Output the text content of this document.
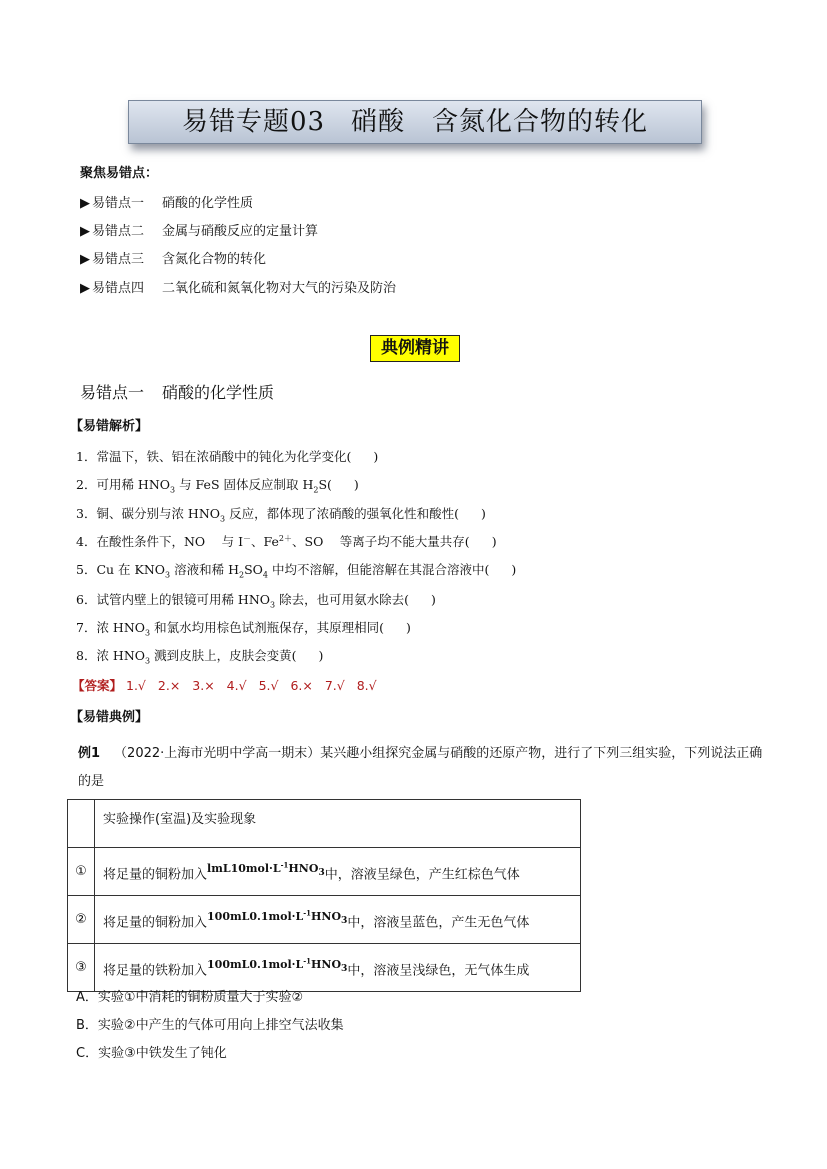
易错专题03 硝酸　含氮化合物的转化
聚焦易错点：
▶ 易错点一 硝酸的化学性质
▶ 易错点二 金属与硝酸反应的定量计算
▶ 易错点三 含氮化合物的转化
▶ 易错点四 二氧化硫和氮氧化物对大气的污染及防治
典例精讲
易错点一 硝酸的化学性质
【易错解析】
1．常温下，铁、铝在浓硝酸中的钝化为化学变化( )
2．可用稀 $HNO_3$ 与 FeS 固体反应制取 $H_2S$( )
3．铜、碳分别与浓 $HNO_3$ 反应，都体现了浓硝酸的强氧化性和酸性( )
4．在酸性条件下，NO　 与 I－、$Fe^{2+}$、SO　 等离子均不能大量共存( )
5．Cu 在 $KNO_3$ 溶液和稀 $H_2SO_4$ 中均不溶解，但能溶解在其混合溶液中( )
6．试管内壁上的银镜可用稀 $HNO_3$ 除去，也可用氨水除去( )
7．浓 $HNO_3$ 和氯水均用棕色试剂瓶保存，其原理相同( )
8．浓 $HNO_3$ 溅到皮肤上，皮肤会变黄( )
【答案】 1.√ 2.× 3.× 4.√ 5.√ 6.× 7.√ 8.√
【易错典例】
例1 （2022·上海市光明中学高一期末）某兴趣小组探究金属与硝酸的还原产物，进行了下列三组实验，下列说法正确的是
	实验操作(室温)及实验现象
①	将足量的铜粉加入$^{lmL10mol\cdot L^{-1}HNO_3}$中，溶液呈绿色，产生红棕色气体
②	将足量的铜粉加入$^{100mL0.1mol\cdot L^{-1}HNO_3}$中，溶液呈蓝色，产生无色气体
③	将足量的铁粉加入$^{100mL0.1mol\cdot L^{-1}HNO_3}$中，溶液呈浅绿色，无气体生成
A．实验①中消耗的铜粉质量大于实验②
B．实验②中产生的气体可用向上排空气法收集
C．实验③中铁发生了钝化
